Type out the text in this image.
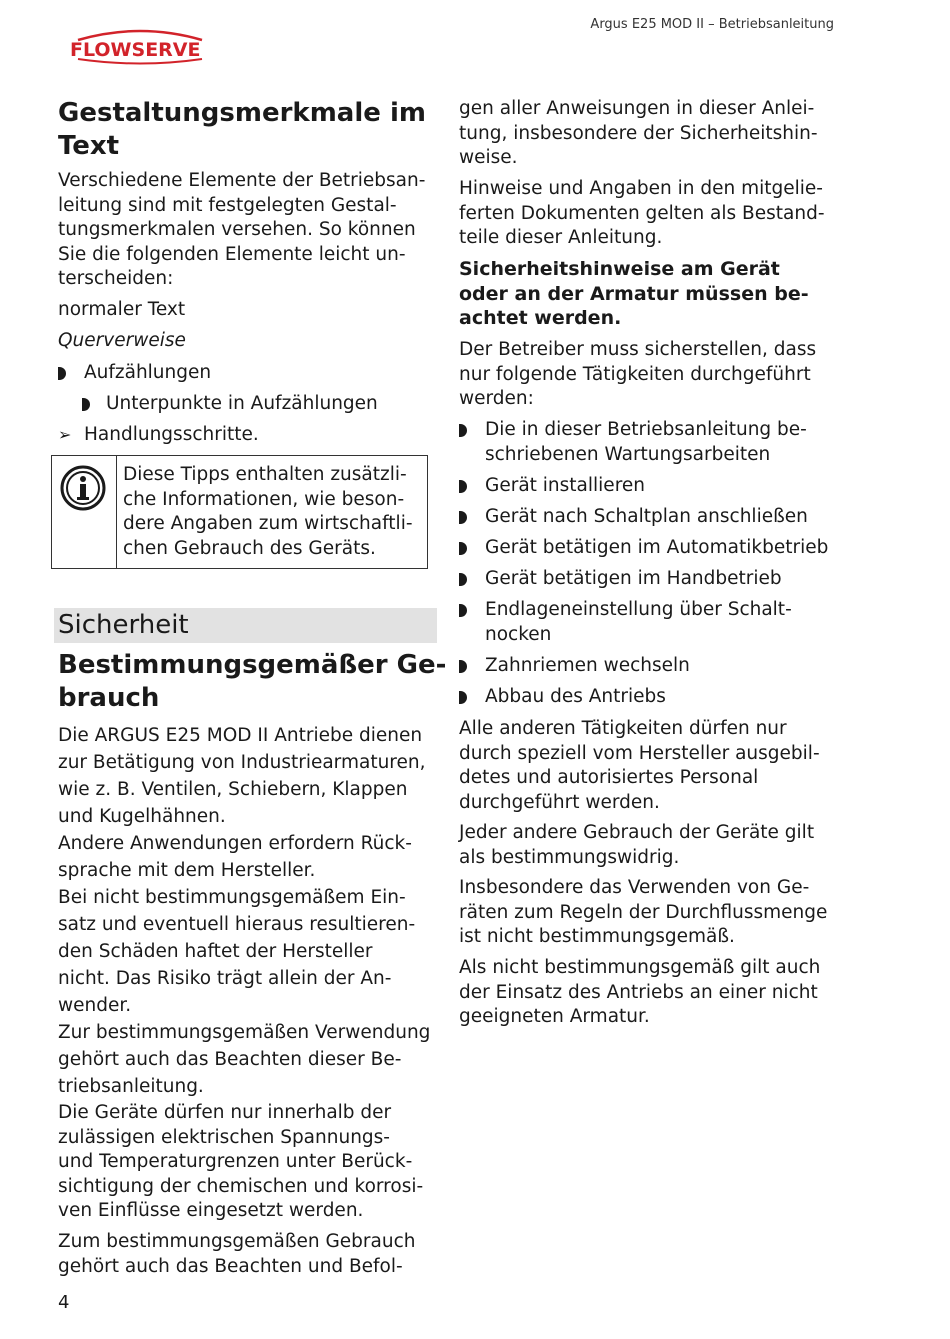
FLOWSERVE
Argus E25 MOD II – Betriebsanleitung
Gestaltungsmerkmale im
Text
Verschiedene Elemente der Betriebsan-
leitung sind mit festgelegten Gestal-
tungsmerkmalen versehen. So können
Sie die folgenden Elemente leicht un-
terscheiden:
normaler Text
Querverweise
Aufzählungen
Unterpunkte in Aufzählungen
➢ Handlungsschritte.
Diese Tipps enthalten zusätzli-
che Informationen, wie beson-
dere Angaben zum wirtschaftli-
chen Gebrauch des Geräts.
Sicherheit
Bestimmungsgemäßer Ge-
brauch
Die ARGUS E25 MOD II Antriebe dienen
zur Betätigung von Industriearmaturen,
wie z. B. Ventilen, Schiebern, Klappen
und Kugelhähnen.
Andere Anwendungen erfordern Rück-
sprache mit dem Hersteller.
Bei nicht bestimmungsgemäßem Ein-
satz und eventuell hieraus resultieren-
den Schäden haftet der Hersteller
nicht. Das Risiko trägt allein der An-
wender.
Zur bestimmungsgemäßen Verwendung
gehört auch das Beachten dieser Be-
triebsanleitung.
Die Geräte dürfen nur innerhalb der
zulässigen elektrischen Spannungs-
und Temperaturgrenzen unter Berück-
sichtigung der chemischen und korrosi-
ven Einflüsse eingesetzt werden.
Zum bestimmungsgemäßen Gebrauch
gehört auch das Beachten und Befol-
4
gen aller Anweisungen in dieser Anlei-
tung, insbesondere der Sicherheitshin-
weise.
Hinweise und Angaben in den mitgelie-
ferten Dokumenten gelten als Bestand-
teile dieser Anleitung.
Sicherheitshinweise am Gerät
oder an der Armatur müssen be-
achtet werden.
Der Betreiber muss sicherstellen, dass
nur folgende Tätigkeiten durchgeführt
werden:
Die in dieser Betriebsanleitung be-
schriebenen Wartungsarbeiten
Gerät installieren
Gerät nach Schaltplan anschließen
Gerät betätigen im Automatikbetrieb
Gerät betätigen im Handbetrieb
Endlageneinstellung über Schalt-
nocken
Zahnriemen wechseln
Abbau des Antriebs
Alle anderen Tätigkeiten dürfen nur
durch speziell vom Hersteller ausgebil-
detes und autorisiertes Personal
durchgeführt werden.
Jeder andere Gebrauch der Geräte gilt
als bestimmungswidrig.
Insbesondere das Verwenden von Ge-
räten zum Regeln der Durchflussmenge
ist nicht bestimmungsgemäß.
Als nicht bestimmungsgemäß gilt auch
der Einsatz des Antriebs an einer nicht
geeigneten Armatur.
